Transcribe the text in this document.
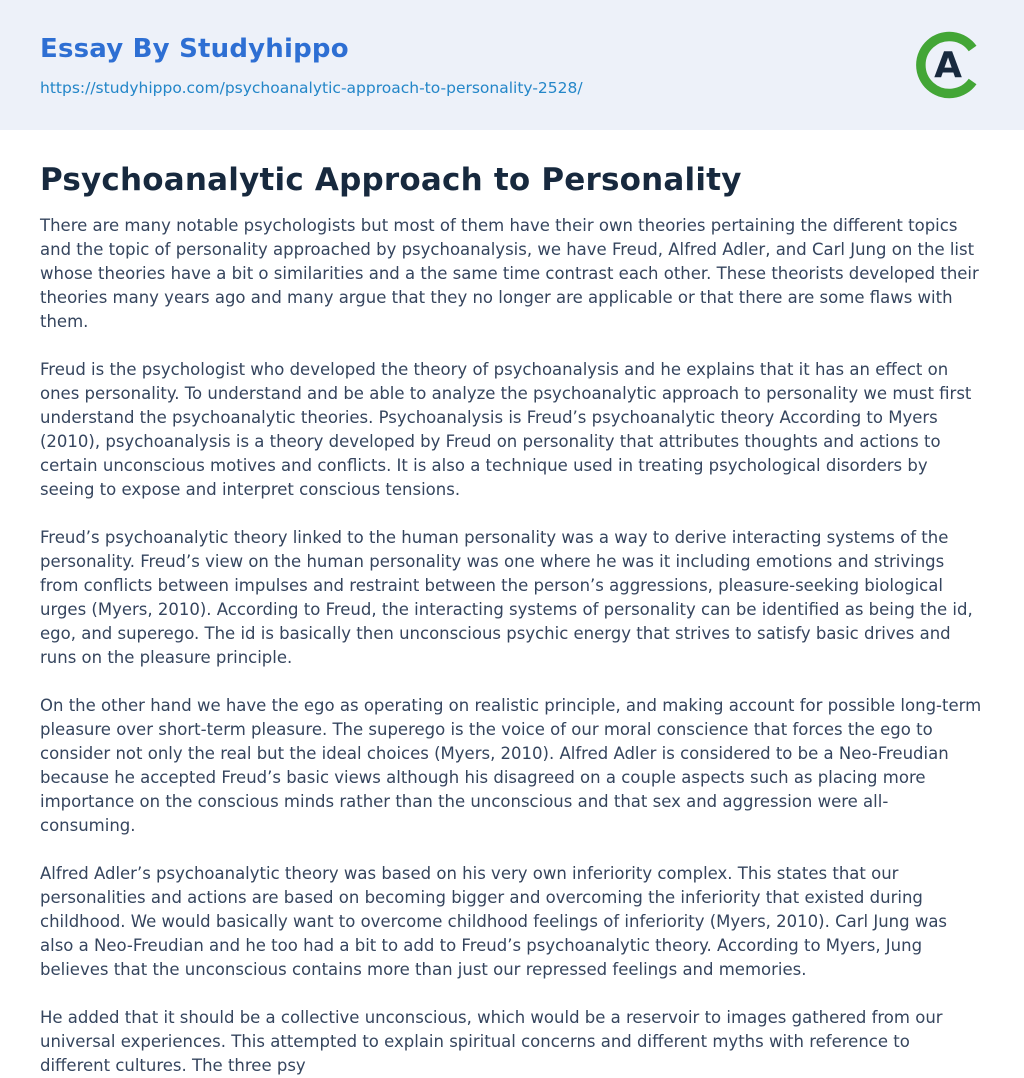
Essay By Studyhippo
https://studyhippo.com/psychoanalytic-approach-to-personality-2528/
A
Psychoanalytic Approach to Personality

There are many notable psychologists but most of them have their own theories pertaining the different topics and the topic of personality approached by psychoanalysis, we have Freud, Alfred Adler, and Carl Jung on the list whose theories have a bit o similarities and a the same time contrast each other. These theorists developed their theories many years ago and many argue that they no longer are applicable or that there are some flaws with them.

Freud is the psychologist who developed the theory of psychoanalysis and he explains that it has an effect on ones personality. To understand and be able to analyze the psychoanalytic approach to personality we must first understand the psychoanalytic theories. Psychoanalysis is Freud’s psychoanalytic theory According to Myers (2010), psychoanalysis is a theory developed by Freud on personality that attributes thoughts and actions to certain unconscious motives and conflicts. It is also a technique used in treating psychological disorders by seeing to expose and interpret conscious tensions.

Freud’s psychoanalytic theory linked to the human personality was a way to derive interacting systems of the personality. Freud’s view on the human personality was one where he was it including emotions and strivings from conflicts between impulses and restraint between the person’s aggressions, pleasure-seeking biological urges (Myers, 2010). According to Freud, the interacting systems of personality can be identified as being the id, ego, and superego. The id is basically then unconscious psychic energy that strives to satisfy basic drives and runs on the pleasure principle.

On the other hand we have the ego as operating on realistic principle, and making account for possible long-term pleasure over short-term pleasure. The superego is the voice of our moral conscience that forces the ego to consider not only the real but the ideal choices (Myers, 2010). Alfred Adler is considered to be a Neo-Freudian because he accepted Freud’s basic views although his disagreed on a couple aspects such as placing more importance on the conscious minds rather than the unconscious and that sex and aggression were all-consuming.

Alfred Adler’s psychoanalytic theory was based on his very own inferiority complex. This states that our personalities and actions are based on becoming bigger and overcoming the inferiority that existed during childhood. We would basically want to overcome childhood feelings of inferiority (Myers, 2010). Carl Jung was also a Neo-Freudian and he too had a bit to add to Freud’s psychoanalytic theory. According to Myers, Jung believes that the unconscious contains more than just our repressed feelings and memories.

He added that it should be a collective unconscious, which would be a reservoir to images gathered from our universal experiences. This attempted to explain spiritual concerns and different myths with reference to different cultures. The three psy
